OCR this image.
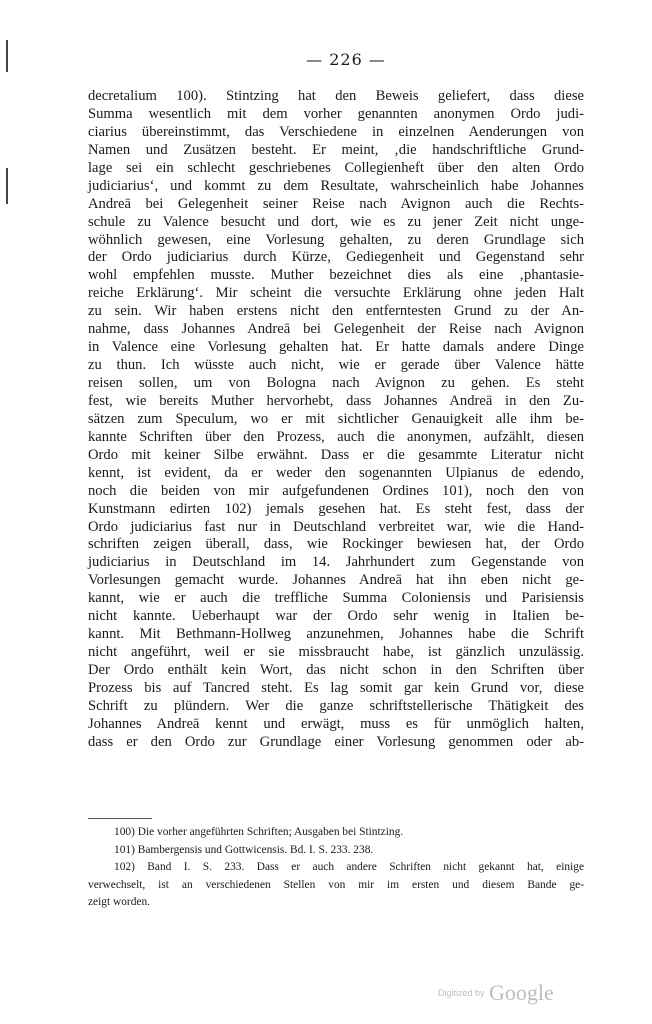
— 226 —
decretalium 100). Stintzing hat den Beweis geliefert, dass diese
Summa wesentlich mit dem vorher genannten anonymen Ordo judi-
ciarius übereinstimmt, das Verschiedene in einzelnen Aenderungen von
Namen und Zusätzen besteht. Er meint, ‚die handschriftliche Grund-
lage sei ein schlecht geschriebenes Collegienheft über den alten Ordo
judiciarius‘, und kommt zu dem Resultate, wahrscheinlich habe Johannes
Andreā bei Gelegenheit seiner Reise nach Avignon auch die Rechts-
schule zu Valence besucht und dort, wie es zu jener Zeit nicht unge-
wöhnlich gewesen, eine Vorlesung gehalten, zu deren Grundlage sich
der Ordo judiciarius durch Kürze, Gediegenheit und Gegenstand sehr
wohl empfehlen musste. Muther bezeichnet dies als eine ‚phantasie-
reiche Erklärung‘. Mir scheint die versuchte Erklärung ohne jeden Halt
zu sein. Wir haben erstens nicht den entferntesten Grund zu der An-
nahme, dass Johannes Andreā bei Gelegenheit der Reise nach Avignon
in Valence eine Vorlesung gehalten hat. Er hatte damals andere Dinge
zu thun. Ich wüsste auch nicht, wie er gerade über Valence hätte
reisen sollen, um von Bologna nach Avignon zu gehen. Es steht
fest, wie bereits Muther hervorhebt, dass Johannes Andreā in den Zu-
sätzen zum Speculum, wo er mit sichtlicher Genauigkeit alle ihm be-
kannte Schriften über den Prozess, auch die anonymen, aufzählt, diesen
Ordo mit keiner Silbe erwähnt. Dass er die gesammte Literatur nicht
kennt, ist evident, da er weder den sogenannten Ulpianus de edendo,
noch die beiden von mir aufgefundenen Ordines 101), noch den von
Kunstmann edirten 102) jemals gesehen hat. Es steht fest, dass der
Ordo judiciarius fast nur in Deutschland verbreitet war, wie die Hand-
schriften zeigen überall, dass, wie Rockinger bewiesen hat, der Ordo
judiciarius in Deutschland im 14. Jahrhundert zum Gegenstande von
Vorlesungen gemacht wurde. Johannes Andreā hat ihn eben nicht ge-
kannt, wie er auch die treffliche Summa Coloniensis und Parisiensis
nicht kannte. Ueberhaupt war der Ordo sehr wenig in Italien be-
kannt. Mit Bethmann-Hollweg anzunehmen, Johannes habe die Schrift
nicht angeführt, weil er sie missbraucht habe, ist gänzlich unzulässig.
Der Ordo enthält kein Wort, das nicht schon in den Schriften über
Prozess bis auf Tancred steht. Es lag somit gar kein Grund vor, diese
Schrift zu plündern. Wer die ganze schriftstellerische Thätigkeit des
Johannes Andreā kennt und erwägt, muss es für unmöglich halten,
dass er den Ordo zur Grundlage einer Vorlesung genommen oder ab-
100) Die vorher angeführten Schriften; Ausgaben bei Stintzing.
101) Bambergensis und Gottwicensis. Bd. I. S. 233. 238.
102) Band I. S. 233. Dass er auch andere Schriften nicht gekannt hat, einige
verwechselt, ist an verschiedenen Stellen von mir im ersten und diesem Bande ge-
zeigt worden.
Digitized by Google
